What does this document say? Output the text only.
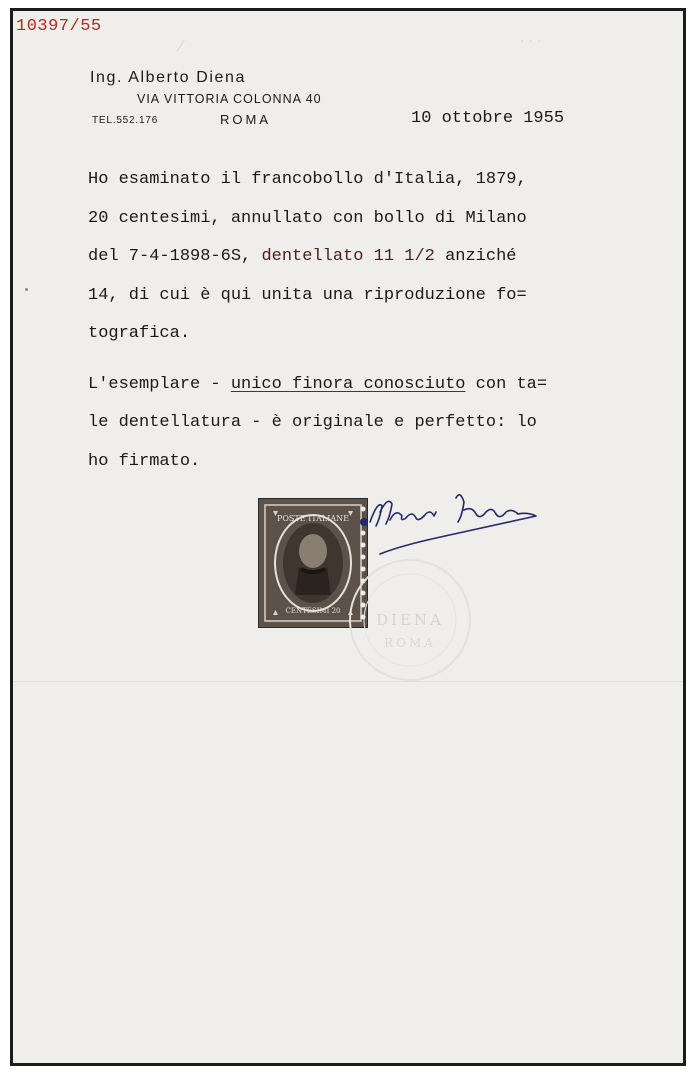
10397/55
⁄	· · ·
Ing. Alberto Diena
VIA VITTORIA COLONNA 40
TEL.552.176	ROMA	10 ottobre 1955
Ho esaminato il francobollo d'Italia, 1879,
20 centesimi, annullato con bollo di Milano
del 7-4-1898-6S, dentellato 11 1/2 anziché
14, di cui è qui unita una riproduzione fo=
tografica.
L'esemplare - unico finora conosciuto con ta=
le dentellatura - è originale e perfetto: lo
ho firmato.
POSTE ITALIANE
CENTESIMI 20 DIENA
ROMA
